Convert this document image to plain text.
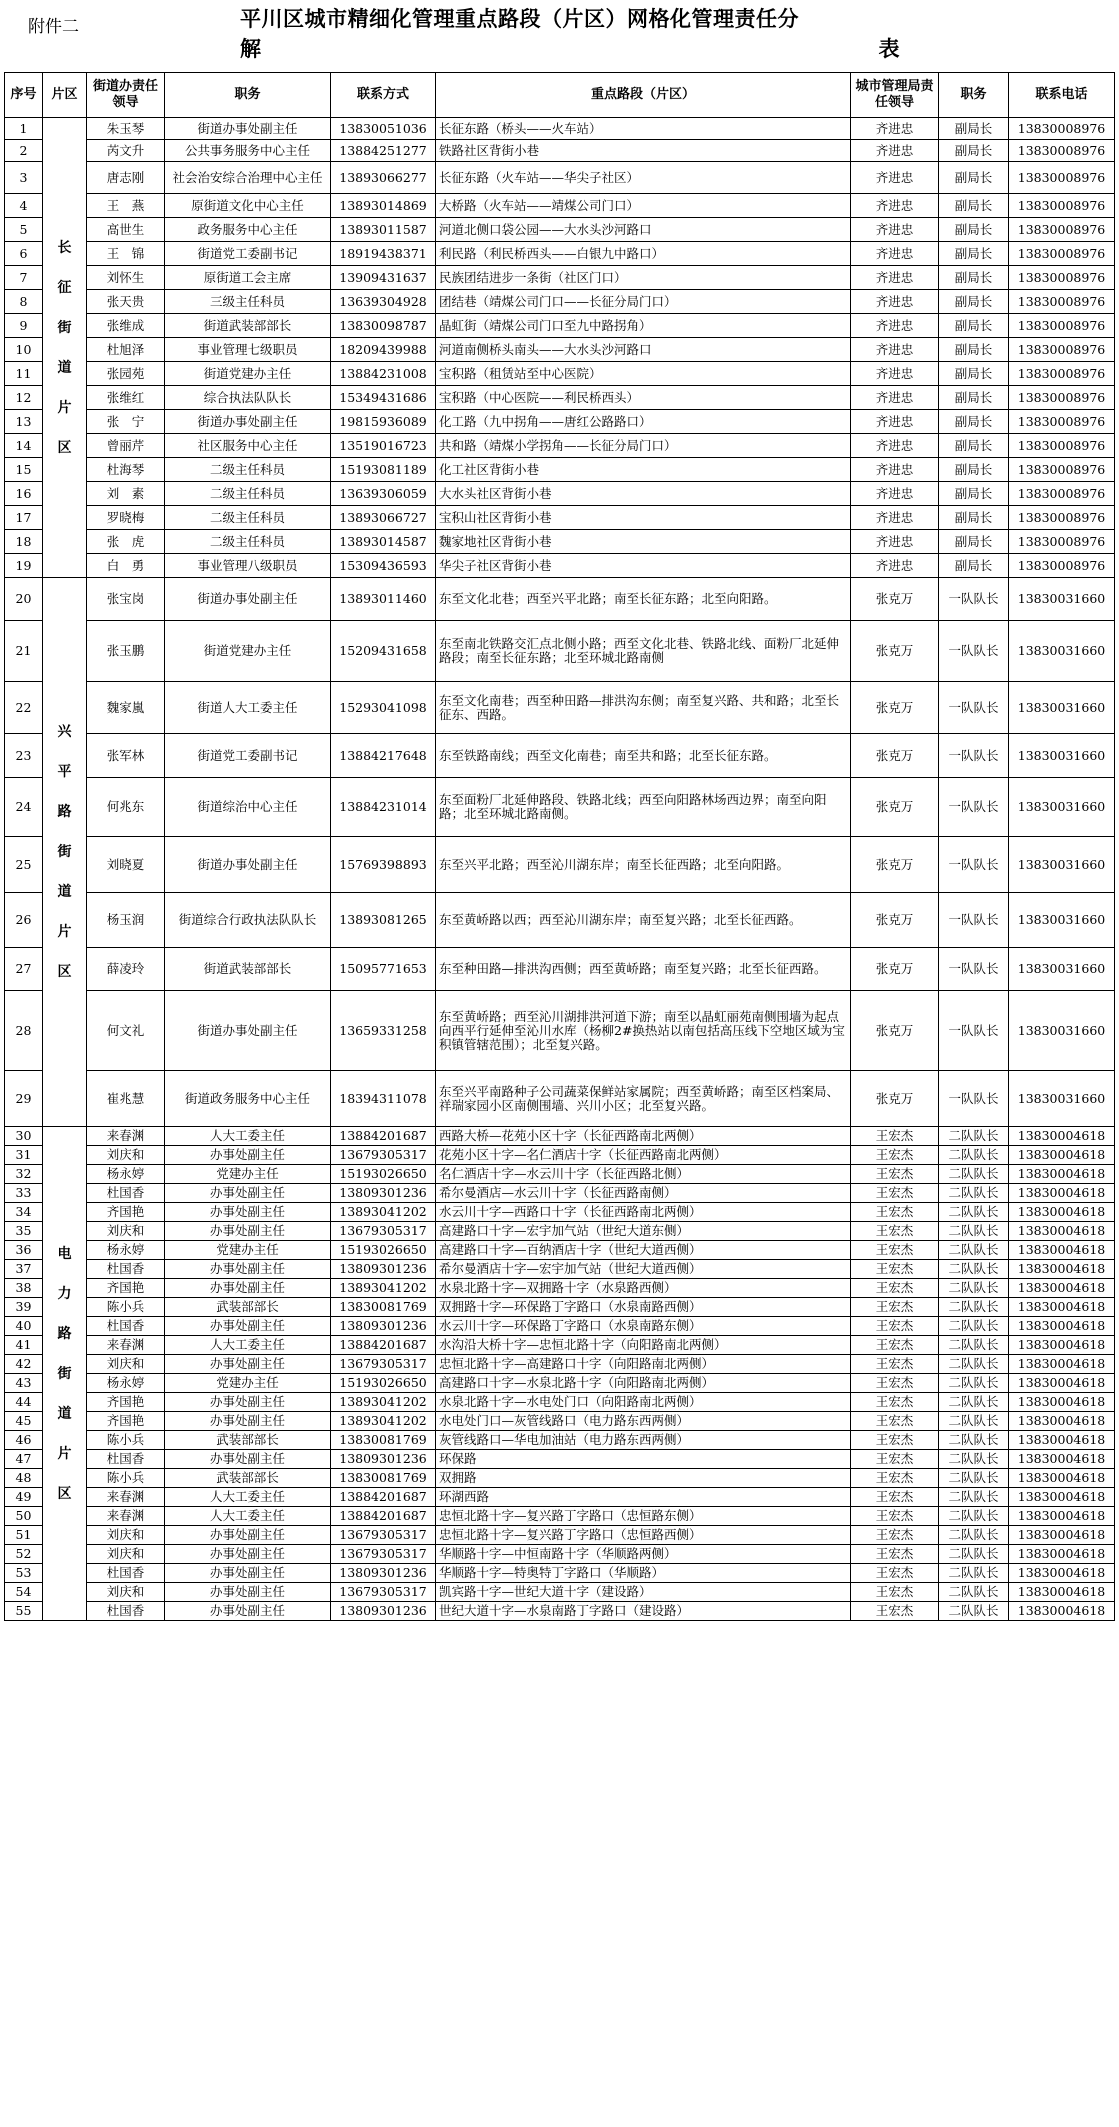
附件二	平川区城市精细化管理重点路段（片区）网格化管理责任分
解	表
序号	片区	街道办责任领导	职务	联系方式	重点路段（片区）	城市管理局责任领导	职务	联系电话
1	长征街道片区	朱玉琴	街道办事处副主任	13830051036	长征东路（桥头——火车站）	齐进忠	副局长	13830008976
2		芮文升	公共事务服务中心主任	13884251277	铁路社区背街小巷	齐进忠	副局长	13830008976
3		唐志刚	社会治安综合治理中心主任	13893066277	长征东路（火车站——华尖子社区）	齐进忠	副局长	13830008976
4		王　燕	原街道文化中心主任	13893014869	大桥路（火车站——靖煤公司门口）	齐进忠	副局长	13830008976
5		高世生	政务服务中心主任	13893011587	河道北侧口袋公园——大水头沙河路口	齐进忠	副局长	13830008976
6		王　锦	街道党工委副书记	18919438371	利民路（利民桥西头——白银九中路口）	齐进忠	副局长	13830008976
7		刘怀生	原街道工会主席	13909431637	民族团结进步一条街（社区门口）	齐进忠	副局长	13830008976
8		张天贵	三级主任科员	13639304928	团结巷（靖煤公司门口——长征分局门口）	齐进忠	副局长	13830008976
9		张维成	街道武装部部长	13830098787	晶虹街（靖煤公司门口至九中路拐角）	齐进忠	副局长	13830008976
10		杜旭泽	事业管理七级职员	18209439988	河道南侧桥头南头——大水头沙河路口	齐进忠	副局长	13830008976
11		张园苑	街道党建办主任	13884231008	宝积路（租赁站至中心医院）	齐进忠	副局长	13830008976
12		张维红	综合执法队队长	15349431686	宝积路（中心医院——利民桥西头）	齐进忠	副局长	13830008976
13		张　宁	街道办事处副主任	19815936089	化工路（九中拐角——唐红公路路口）	齐进忠	副局长	13830008976
14		曾丽芹	社区服务中心主任	13519016723	共和路（靖煤小学拐角——长征分局门口）	齐进忠	副局长	13830008976
15		杜海琴	二级主任科员	15193081189	化工社区背街小巷	齐进忠	副局长	13830008976
16		刘　素	二级主任科员	13639306059	大水头社区背街小巷	齐进忠	副局长	13830008976
17		罗晓梅	二级主任科员	13893066727	宝积山社区背街小巷	齐进忠	副局长	13830008976
18		张　虎	二级主任科员	13893014587	魏家地社区背街小巷	齐进忠	副局长	13830008976
19		白　勇	事业管理八级职员	15309436593	华尖子社区背街小巷	齐进忠	副局长	13830008976
20	兴平路街道片区	张宝岗	街道办事处副主任	13893011460	东至文化北巷；西至兴平北路；南至长征东路；北至向阳路。	张克万	一队队长	13830031660
21		张玉鹏	街道党建办主任	15209431658	东至南北铁路交汇点北侧小路；西至文化北巷、铁路北线、面粉厂北延伸路段；南至长征东路；北至环城北路南侧	张克万	一队队长	13830031660
22		魏家嵐	街道人大工委主任	15293041098	东至文化南巷；西至种田路—排洪沟东侧；南至复兴路、共和路；北至长征东、西路。	张克万	一队队长	13830031660
23		张军林	街道党工委副书记	13884217648	东至铁路南线；西至文化南巷；南至共和路；北至长征东路。	张克万	一队队长	13830031660
24		何兆东	街道综治中心主任	13884231014	东至面粉厂北延伸路段、铁路北线；西至向阳路林场西边界；南至向阳路；北至环城北路南侧。	张克万	一队队长	13830031660
25		刘晓夏	街道办事处副主任	15769398893	东至兴平北路；西至沁川湖东岸；南至长征西路；北至向阳路。	张克万	一队队长	13830031660
26		杨玉润	街道综合行政执法队队长	13893081265	东至黄峤路以西；西至沁川湖东岸；南至复兴路；北至长征西路。	张克万	一队队长	13830031660
27		薛凌玲	街道武装部部长	15095771653	东至种田路—排洪沟西侧；西至黄峤路；南至复兴路；北至长征西路。	张克万	一队队长	13830031660
28		何文礼	街道办事处副主任	13659331258	东至黄峤路；西至沁川湖排洪河道下游；南至以晶虹丽苑南侧围墙为起点向西平行延伸至沁川水库（杨柳2#换热站以南包括高压线下空地区域为宝积镇管辖范围）；北至复兴路。	张克万	一队队长	13830031660
29		崔兆慧	街道政务服务中心主任	18394311078	东至兴平南路种子公司蔬菜保鲜站家属院；西至黄峤路；南至区档案局、祥瑞家园小区南侧围墙、兴川小区；北至复兴路。	张克万	一队队长	13830031660
30	电力路街道片区	来春渊	人大工委主任	13884201687	西路大桥—花苑小区十字（长征西路南北两侧）	王宏杰	二队队长	13830004618
31		刘庆和	办事处副主任	13679305317	花苑小区十字—名仁酒店十字（长征西路南北两侧）	王宏杰	二队队长	13830004618
32		杨永婷	党建办主任	15193026650	名仁酒店十字—水云川十字（长征西路北侧）	王宏杰	二队队长	13830004618
33		杜国香	办事处副主任	13809301236	希尔曼酒店—水云川十字（长征西路南侧）	王宏杰	二队队长	13830004618
34		齐国艳	办事处副主任	13893041202	水云川十字—西路口十字（长征西路南北两侧）	王宏杰	二队队长	13830004618
35		刘庆和	办事处副主任	13679305317	高建路口十字—宏宇加气站（世纪大道东侧）	王宏杰	二队队长	13830004618
36		杨永婷	党建办主任	15193026650	高建路口十字—百纳酒店十字（世纪大道西侧）	王宏杰	二队队长	13830004618
37		杜国香	办事处副主任	13809301236	希尔曼酒店十字—宏宇加气站（世纪大道西侧）	王宏杰	二队队长	13830004618
38		齐国艳	办事处副主任	13893041202	水泉北路十字—双拥路十字（水泉路西侧）	王宏杰	二队队长	13830004618
39		陈小兵	武装部部长	13830081769	双拥路十字—环保路丁字路口（水泉南路西侧）	王宏杰	二队队长	13830004618
40		杜国香	办事处副主任	13809301236	水云川十字—环保路丁字路口（水泉南路东侧）	王宏杰	二队队长	13830004618
41		来春渊	人大工委主任	13884201687	水沟沿大桥十字—忠恒北路十字（向阳路南北两侧）	王宏杰	二队队长	13830004618
42		刘庆和	办事处副主任	13679305317	忠恒北路十字—高建路口十字（向阳路南北两侧）	王宏杰	二队队长	13830004618
43		杨永婷	党建办主任	15193026650	高建路口十字—水泉北路十字（向阳路南北两侧）	王宏杰	二队队长	13830004618
44		齐国艳	办事处副主任	13893041202	水泉北路十字—水电处门口（向阳路南北两侧）	王宏杰	二队队长	13830004618
45		齐国艳	办事处副主任	13893041202	水电处门口—灰管线路口（电力路东西两侧）	王宏杰	二队队长	13830004618
46		陈小兵	武装部部长	13830081769	灰管线路口—华电加油站（电力路东西两侧）	王宏杰	二队队长	13830004618
47		杜国香	办事处副主任	13809301236	环保路	王宏杰	二队队长	13830004618
48		陈小兵	武装部部长	13830081769	双拥路	王宏杰	二队队长	13830004618
49		来春渊	人大工委主任	13884201687	环湖西路	王宏杰	二队队长	13830004618
50		来春渊	人大工委主任	13884201687	忠恒北路十字—复兴路丁字路口（忠恒路东侧）	王宏杰	二队队长	13830004618
51		刘庆和	办事处副主任	13679305317	忠恒北路十字—复兴路丁字路口（忠恒路西侧）	王宏杰	二队队长	13830004618
52		刘庆和	办事处副主任	13679305317	华顺路十字—中恒南路十字（华顺路两侧）	王宏杰	二队队长	13830004618
53		杜国香	办事处副主任	13809301236	华顺路十字—特奥特丁字路口（华顺路）	王宏杰	二队队长	13830004618
54		刘庆和	办事处副主任	13679305317	凯宾路十字—世纪大道十字（建设路）	王宏杰	二队队长	13830004618
55		杜国香	办事处副主任	13809301236	世纪大道十字—水泉南路丁字路口（建设路）	王宏杰	二队队长	13830004618
